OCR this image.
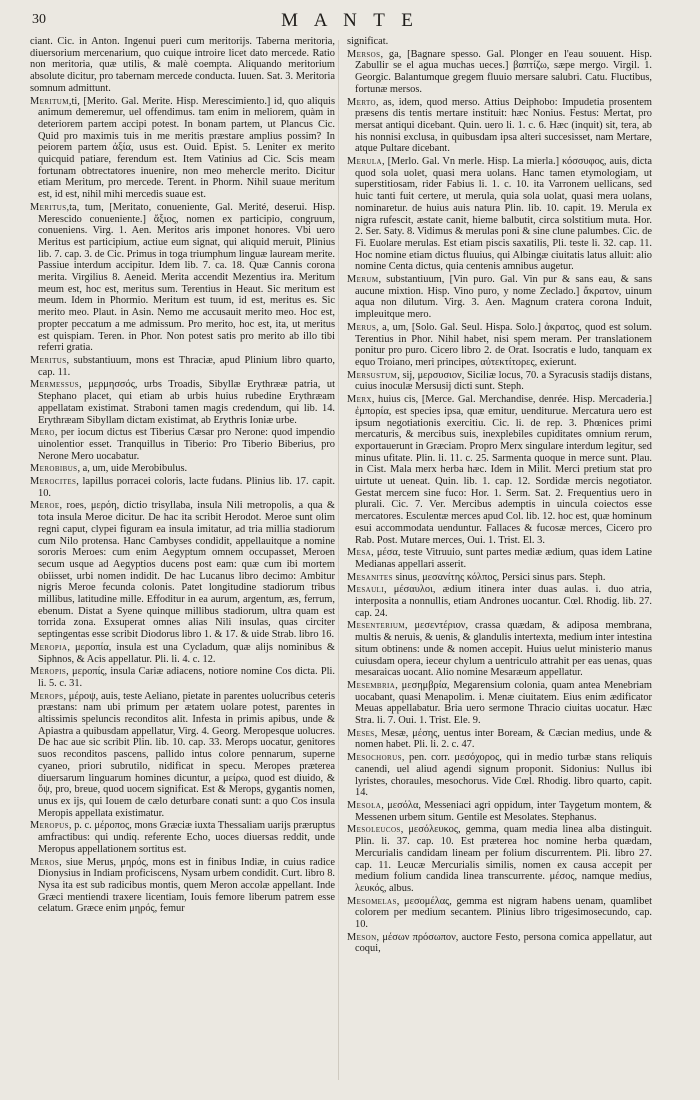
30	M A N T E
ciant. Cic. in Anton. Ingenui pueri cum meritorijs. Taberna meritoria, diuersorium mercenarium, quo cuique introire licet dato mercede. Ratio non meritoria, quæ utilis, & malè coempta. Aliquando meritorium absolute dicitur, pro tabernam mercede conducta. Iuuen. Sat. 3. Meritoria somnum admittunt.
Meritum,ti, [Merito. Gal. Merite. Hisp. Merescimiento.] id, quo aliquis animum demeremur, uel offendimus. tam enim in meliorem, quàm in deteriorem partem accipi potest. In bonam partem, ut Plancus Cic. Quid pro maximis tuis in me meritis præstare amplius possim? In peiorem partem ἀξία, usus est. Ouid. Epist. 5. Leniter ex merito quicquid patiare, ferendum est. Item Vatinius ad Cic. Scis meam fortunam obtrectatores inuenire, non meo mehercle merito. Dicitur etiam Meritum, pro mercede. Terent. in Phorm. Nihil suaue meritum est, id est, nihil mihi mercedis suaue est.
Meritus,ta, tum, [Meritato, conueniente, Gal. Merité, deserui. Hisp. Merescido conueniente.] ἄξιος, nomen ex participio, congruum, conueniens. Virg. 1. Aen. Meritos aris imponet honores. Vbi uero Meritus est participium, actiue eum signat, qui aliquid meruit, Plinius lib. 7. cap. 3. de Cic. Primus in toga triumphum linguæ lauream merite. Passiue interdum accipitur. Idem lib. 7. ca. 18. Quæ Cannis corona merita. Virgilius 8. Aeneid. Merita accendit Mezentius ira. Meritum meum est, hoc est, meritus sum. Terentius in Heaut. Sic meritum est meum. Idem in Phormio. Meritum est tuum, id est, meritus es. Sic merito meo. Plaut. in Asin. Nemo me accusauit merito meo. Hoc est, propter peccatum a me admissum. Pro merito, hoc est, ita, ut meritus est quispiam. Teren. in Phor. Non potest satis pro merito ab illo tibi referri gratia.
Meritus, substantiuum, mons est Thraciæ, apud Plinium libro quarto, cap. 11.
Mermessus, μερμησσός, urbs Troadis, Sibyllæ Erythrææ patria, ut Stephano placet, qui etiam ab urbis huius rubedine Erythræam appellatam existimat. Straboni tamen magis credendum, qui lib. 14. Erythræam Sibyllam dictam existimat, ab Erythris Ioniæ urbe.
Mero, per iocum dictus est Tiberius Cæsar pro Nerone: quod impendio uinolentior esset. Tranquillus in Tiberio: Pro Tiberio Biberius, pro Nerone Mero uocabatur.
Merobibus, a, um, uide Merobibulus.
Merocites, lapillus porracei coloris, lacte fudans. Plinius lib. 17. capit. 10.
Meroe, roes, μερόη, dictio trisyllaba, insula Nili metropolis, a qua & tota insula Meroe dicitur. De hac ita scribit Herodot. Meroe sunt olim regni caput, clypei figuram ea insula imitatur, ad tria millia stadiorum cum Nilo protensa. Hanc Cambyses condidit, appellauitque a nomine sororis Meroes: cum enim Aegyptum omnem occupasset, Meroen secum usque ad Aegyptios ducens post eam: quæ cum ibi mortem obiisset, urbi nomen indidit. De hac Lucanus libro decimo: Ambitur nigris Meroe fecunda colonis. Patet longitudine stadiorum tribus millibus, latitudine mille. Effoditur in ea aurum, argentum, æs, ferrum, ebenum. Distat a Syene quinque millibus stadiorum, ultra quam est torrida zona. Exsuperat omnes alias Nili insulas, quas circiter septingentas esse scribit Diodorus libro 1. & 17. & uide Strab. libro 16.
Meropia, μεροπία, insula est una Cycladum, quæ alijs nominibus & Siphnos, & Acis appellatur. Pli. li. 4. c. 12.
Meropis, μεροπίς, insula Cariæ adiacens, notiore nomine Cos dicta. Pli. li. 5. c. 31.
Merops, μέροψ, auis, teste Aeliano, pietate in parentes uolucribus ceteris præstans: nam ubi primum per ætatem uolare potest, parentes in altissimis speluncis reconditos alit. Infesta in primis apibus, unde & Apiastra a quibusdam appellatur, Virg. 4. Georg. Meropesque uolucres. De hac aue sic scribit Plin. lib. 10. cap. 33. Merops uocatur, genitores suos reconditos pascens, pallido intus colore pennarum, superne cyaneo, priori subrutilo, nidificat in specu. Meropes præterea diuersarum linguarum homines dicuntur, a μείρω, quod est diuido, & ὄψ, pro, breue, quod uocem significat. Est & Merops, gygantis nomen, unus ex ijs, qui Iouem de cælo deturbare conati sunt: a quo Cos insula Meropis appellata existimatur.
Meropus, p. c. μέροπος, mons Græciæ iuxta Thessaliam uarijs præruptus amfractibus: qui undiq. referente Echo, uoces diuersas reddit, unde Meropus appellationem sortitus est.
Meros, siue Merus, μηρός, mons est in finibus Indiæ, in cuius radice Dionysius in Indiam proficiscens, Nysam urbem condidit. Curt. libro 8. Nysa ita est sub radicibus montis, quem Meron accolæ appellant. Inde Græci mentiendi traxere licentiam, Iouis femore liberum patrem esse celatum. Græce enim μηρός, femur
significat.
Mersos, ga, [Bagnare spesso. Gal. Plonger en l'eau souuent. Hisp. Zabullir se el agua muchas ueces.] βαπτίζω, sæpe mergo. Virgil. 1. Georgic. Balantumque gregem fluuio mersare salubri. Catu. Fluctibus, fortunæ mersos.
Merto, as, idem, quod merso. Attius Deiphobo: Impudetia prosentem præsens dis tentis mertare instituit: hæc Nonius. Festus: Mertat, pro mersat antiqui dicebant. Quin. uero li. 1. c. 6. Hæc (inquit) sit, tera, ab his nonnisi exclusa, in quibusdam ipsa alteri succesisset, nam Mertare, atque Pultare dicebant.
Merula, [Merlo. Gal. Vn merle. Hisp. La mierla.] κόσσυφος, auis, dicta quod sola uolet, quasi mera uolans. Hanc tamen etymologiam, ut superstitiosam, rider Fabius li. 1. c. 10. ita Varronem uellicans, sed huic tanti fuit certere, ut merula, quia sola uolat, quasi mera uolans, nominaretur. de huius auis natura Plin. lib. 10. capit. 19. Merula ex nigra rufescit, æstate canit, hieme balbutit, circa solstitium muta. Hor. 2. Ser. Saty. 8. Vidimus & merulas poni & sine clune palumbes. Cic. de Fi. Euolare merulas. Est etiam piscis saxatilis, Pli. teste li. 32. cap. 11. Hoc nomine etiam dictus fluuius, qui Albingæ ciuitatis latus alluit: alio nomine Centa dictus, quia centenis amnibus augetur.
Merum, substantiuum, [Vin puro. Gal. Vin pur & sans eau, & sans aucune mixtion. Hisp. Vino puro, y nome Zeclado.] ἄκρατον, uinum aqua non dilutum. Virg. 3. Aen. Magnum cratera corona Induit, impleuitque mero.
Merus, a, um, [Solo. Gal. Seul. Hispa. Solo.] ἀκρατος, quod est solum. Terentius in Phor. Nihil habet, nisi spem meram. Per translationem ponitur pro puro. Cicero libro 2. de Orat. Isocratis e ludo, tanquam ex equo Troiano, meri principes, αὐτεκτίτορες, exierunt.
Mersustum, sij, μερσυσιον, Siciliæ locus, 70. a Syracusis stadijs distans, cuius inoculæ Mersusij dicti sunt. Steph.
Merx, huius cis, [Merce. Gal. Merchandise, denrée. Hisp. Mercaderia.] ἐμπορία, est species ipsa, quæ emitur, uenditurue. Mercatura uero est ipsum negotiationis exercitiu. Cic. li. de rep. 3. Phœnices primi mercaturis, & mercibus suis, inexplebiles cupiditates omnium rerum, exportauerunt in Græciam. Propro Merx singulare interdum legitur, sed minus ufitate. Plin. li. 11. c. 25. Sarmenta quoque in merce sunt. Plau. in Cist. Mala merx herba hæc. Idem in Milit. Merci pretium stat pro uirtute ut ueneat. Quin. lib. 1. cap. 12. Sordidæ mercis negotiator. Gestat mercem sine fuco: Hor. 1. Serm. Sat. 2. Frequentius uero in plurali. Cic. 7. Ver. Mercibus ademptis in uincula coiectos esse mercatores. Esculentæ merces apud Col. lib. 12. hoc est, quæ hominum esui accommodata uenduntur. Fallaces & fucosæ merces, Cicero pro Rab. Post. Mutare merces, Oui. 1. Trist. El. 3.
Mesa, μέσα, teste Vitruuio, sunt partes mediæ ædium, quas idem Latine Medianas appellari asserit.
Mesanites sinus, μεσανίτης κόλπος, Persici sinus pars. Steph.
Mesauli, μέσαυλοι, ædium itinera inter duas aulas. i. duo atria, interposita a nonnullis, etiam Andrones uocantur. Cœl. Rhodig. lib. 27. cap. 24.
Mesenterium, μεσεντέριον, crassa quædam, & adiposa membrana, multis & neruis, & uenis, & glandulis intertexta, medium inter intestina situm obtinens: unde & nomen accepit. Huius uelut ministerio manus cuiusdam opera, ieceur chylum a uentriculo attrahit per eas uenas, quas mesaraicas uocant. Alio nomine Mesaræum appellatur.
Mesembria, μεσημβρία, Megarensium colonia, quam antea Menebriam uocabant, quasi Menapolim. i. Menæ ciuitatem. Eius enim ædificator Meuas appellabatur. Bria uero sermone Thracio ciuitas uocatur. Hæc Stra. li. 7. Oui. 1. Trist. Ele. 9.
Meses, Mesæ, μέσης, uentus inter Boream, & Cæcian medius, unde & nomen habet. Pli. li. 2. c. 47.
Mesochorus, pen. corr. μεσόχορος, qui in medio turbæ stans reliquis canendi, uel aliud agendi signum proponit. Sidonius: Nullus ibi lyristes, choraules, mesochorus. Vide Cœl. Rhodig. libro quarto, capit. 14.
Mesola, μεσόλα, Messeniaci agri oppidum, inter Taygetum montem, & Messenen urbem situm. Gentile est Mesolates. Stephanus.
Mesoleucos, μεσόλευκος, gemma, quam media linea alba distinguit. Plin. li. 37. cap. 10. Est præterea hoc nomine herba quædam, Mercurialis candidam lineam per folium discurrentem. Pli. libro 27. cap. 11. Leucæ Mercurialis similis, nomen ex causa accepit per medium folium candida linea transcurrente. μέσος, namque medius, λευκός, albus.
Mesomelas, μεσομέλας, gemma est nigram habens uenam, quamlibet colorem per medium secantem. Plinius libro trigesimosecundo, cap. 10.
Meson, μέσων πρόσωπον, auctore Festo, persona comica appellatur, aut coqui,
